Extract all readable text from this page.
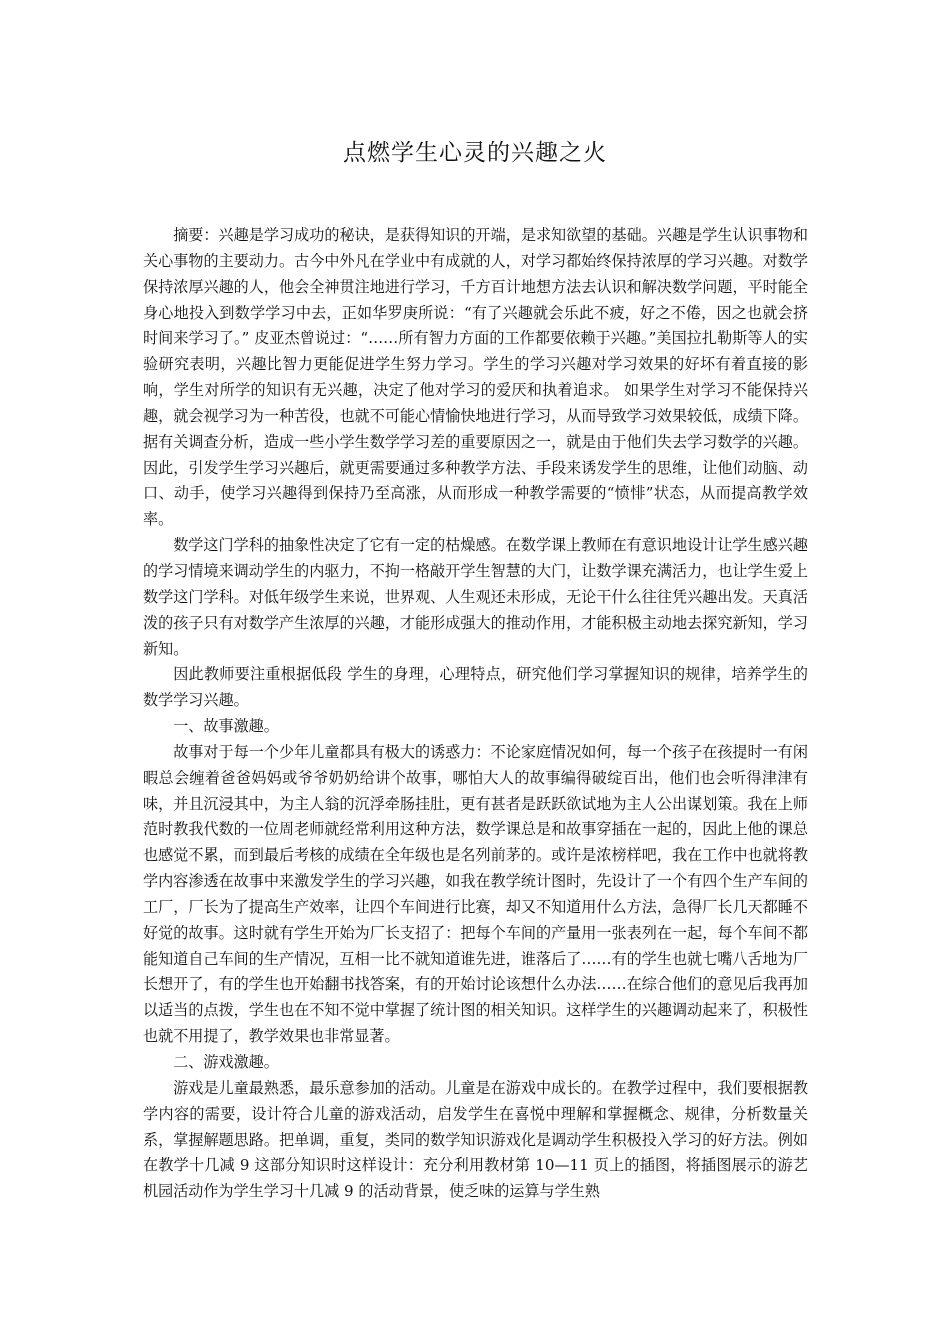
点燃学生心灵的兴趣之火

摘要：兴趣是学习成功的秘诀，是获得知识的开端，是求知欲望的基础。兴趣是学生认识事物和关心事物的主要动力。古今中外凡在学业中有成就的人，对学习都始终保持浓厚的学习兴趣。对数学保持浓厚兴趣的人，他会全神贯注地进行学习，千方百计地想方法去认识和解决数学问题，平时能全身心地投入到数学学习中去，正如华罗庚所说：“有了兴趣就会乐此不疲，好之不倦，因之也就会挤时间来学习了。” 皮亚杰曾说过：“……所有智力方面的工作都要依赖于兴趣。”美国拉扎勒斯等人的实验研究表明，兴趣比智力更能促进学生努力学习。学生的学习兴趣对学习效果的好坏有着直接的影响，学生对所学的知识有无兴趣，决定了他对学习的爱厌和执着追求。 如果学生对学习不能保持兴趣，就会视学习为一种苦役，也就不可能心情愉快地进行学习，从而导致学习效果较低，成绩下降。 据有关调查分析，造成一些小学生数学学习差的重要原因之一，就是由于他们失去学习数学的兴趣。因此，引发学生学习兴趣后，就更需要通过多种教学方法、手段来诱发学生的思维，让他们动脑、动口、动手，使学习兴趣得到保持乃至高涨，从而形成一种教学需要的“愤悱”状态，从而提高教学效率。

数学这门学科的抽象性决定了它有一定的枯燥感。在数学课上教师在有意识地设计让学生感兴趣的学习情境来调动学生的内驱力，不拘一格敲开学生智慧的大门，让数学课充满活力，也让学生爱上数学这门学科。对低年级学生来说，世界观、人生观还未形成，无论干什么往往凭兴趣出发。天真活泼的孩子只有对数学产生浓厚的兴趣，才能形成强大的推动作用，才能积极主动地去探究新知，学习新知。

因此教师要注重根据低段 学生的身理，心理特点，研究他们学习掌握知识的规律，培养学生的数学学习兴趣。

一、故事激趣。

故事对于每一个少年儿童都具有极大的诱惑力：不论家庭情况如何，每一个孩子在孩提时一有闲暇总会缠着爸爸妈妈或爷爷奶奶给讲个故事，哪怕大人的故事编得破绽百出，他们也会听得津津有味，并且沉浸其中，为主人翁的沉浮牵肠挂肚，更有甚者是跃跃欲试地为主人公出谋划策。我在上师范时教我代数的一位周老师就经常利用这种方法，数学课总是和故事穿插在一起的，因此上他的课总也感觉不累，而到最后考核的成绩在全年级也是名列前茅的。或许是浓榜样吧，我在工作中也就将教学内容渗透在故事中来激发学生的学习兴趣，如我在教学统计图时，先设计了一个有四个生产车间的工厂，厂长为了提高生产效率，让四个车间进行比赛，却又不知道用什么方法，急得厂长几天都睡不好觉的故事。这时就有学生开始为厂长支招了：把每个车间的产量用一张表列在一起，每个车间不都能知道自己车间的生产情况，互相一比不就知道谁先进，谁落后了……有的学生也就七嘴八舌地为厂长想开了，有的学生也开始翻书找答案，有的开始讨论该想什么办法……在综合他们的意见后我再加以适当的点拨，学生也在不知不觉中掌握了统计图的相关知识。这样学生的兴趣调动起来了，积极性也就不用提了，教学效果也非常显著。

二、游戏激趣。

游戏是儿童最熟悉，最乐意参加的活动。儿童是在游戏中成长的。在教学过程中，我们要根据教学内容的需要，设计符合儿童的游戏活动，启发学生在喜悦中理解和掌握概念、规律，分析数量关系，掌握解题思路。把单调，重复，类同的数学知识游戏化是调动学生积极投入学习的好方法。例如在教学十几减 9 这部分知识时这样设计：充分利用教材第 10—11 页上的插图，将插图展示的游艺机园活动作为学生学习十几减 9 的活动背景，使乏味的运算与学生熟
